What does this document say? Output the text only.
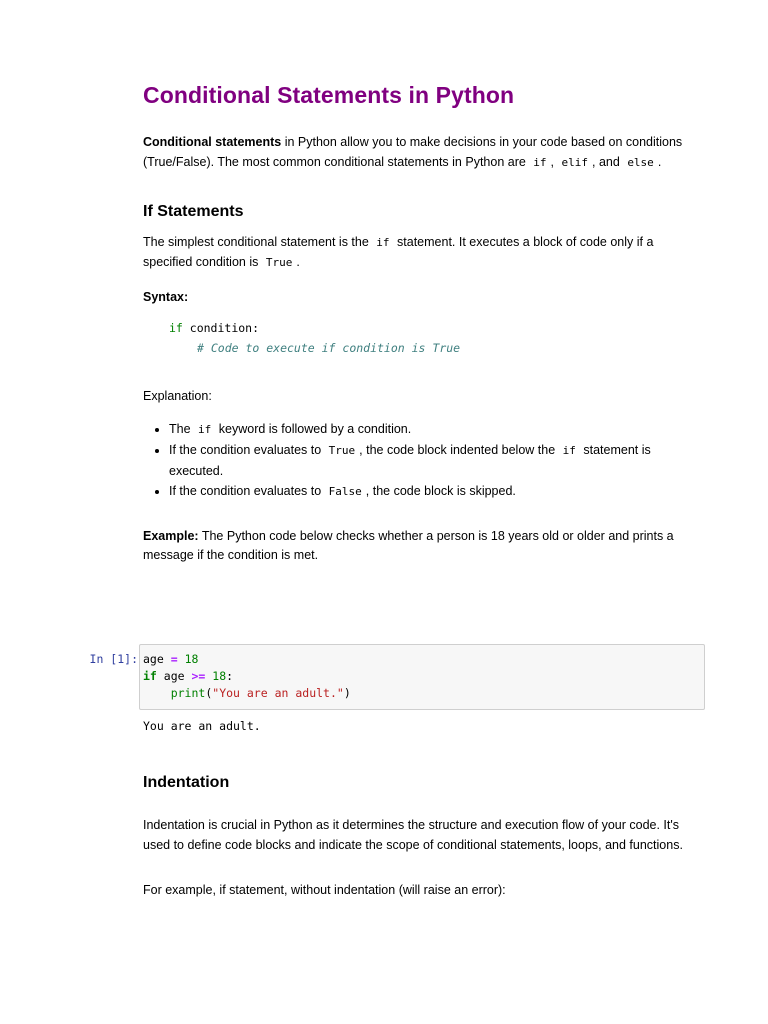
Conditional Statements in Python

Conditional statements in Python allow you to make decisions in your code based on conditions (True/False). The most common conditional statements in Python are if , elif , and else .

If Statements

The simplest conditional statement is the if statement. It executes a block of code only if a specified condition is True .

Syntax:
if condition:
# Code to execute if condition is True

Explanation:

• The if keyword is followed by a condition.
• If the condition evaluates to True , the code block indented below the if statement is executed.
• If the condition evaluates to False , the code block is skipped.

Example: The Python code below checks whether a person is 18 years old or older and prints a message if the condition is met.

In [1]: age = 18
if age >= 18:
print("You are an adult.")
You are an adult.
Indentation

Indentation is crucial in Python as it determines the structure and execution flow of your code. It's used to define code blocks and indicate the scope of conditional statements, loops, and functions.

For example, if statement, without indentation (will raise an error):
